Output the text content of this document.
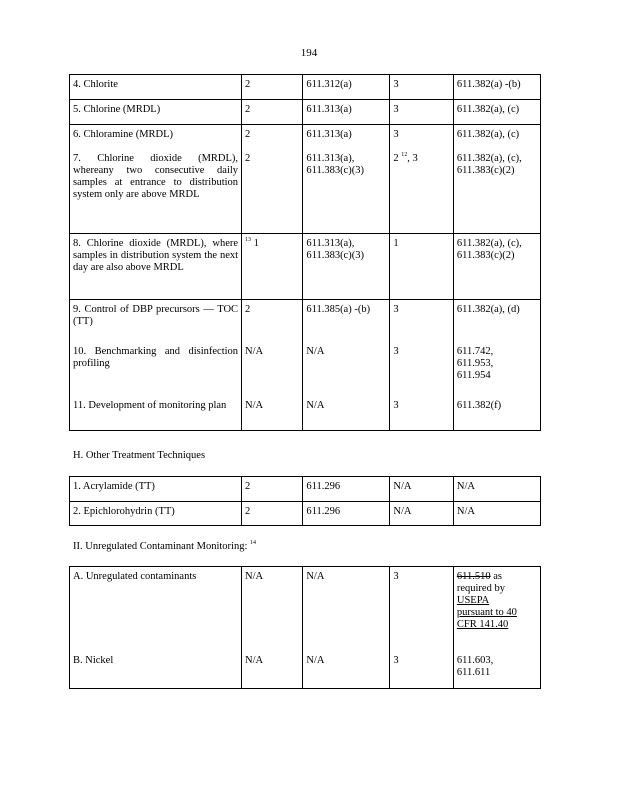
194
4. Chlorite	2	611.312(a)	3	611.382(a) -(b)
5. Chlorine (MRDL)	2	611.313(a)	3	611.382(a), (c)
6. Chloramine (MRDL)	2	611.313(a)	3	611.382(a), (c)

7. Chlorine dioxide (MRDL), whereany two consecutive daily samples at entrance to distribution system only are above MRDL	2	611.313(a),
611.383(c)(3)	2 $^{12}$, 3	611.382(a), (c),
611.383(c)(2)

8. Chlorine dioxide (MRDL), where samples in distribution system the next day are also above MRDL	$^{13}$ 1	611.313(a),
611.383(c)(3)	1	611.382(a), (c),
611.383(c)(2)

9. Control of DBP precursors — TOC (TT)	2	611.385(a) -(b)	3	611.382(a), (d)

10. Benchmarking and disinfection profiling	N/A	N/A	3	611.742,
611.953,
611.954

11. Development of monitoring plan	N/A	N/A	3	611.382(f)
H. Other Treatment Techniques
1. Acrylamide (TT)	2	611.296	N/A	N/A
2. Epichlorohydrin (TT)	2	611.296	N/A	N/A
II. Unregulated Contaminant Monitoring: $^{14}$
A. Unregulated contaminants	N/A	N/A	3	611.510 as
required by
USEPA
pursuant to 40
CFR 141.40

B. Nickel	N/A	N/A	3	611.603,
611.611
